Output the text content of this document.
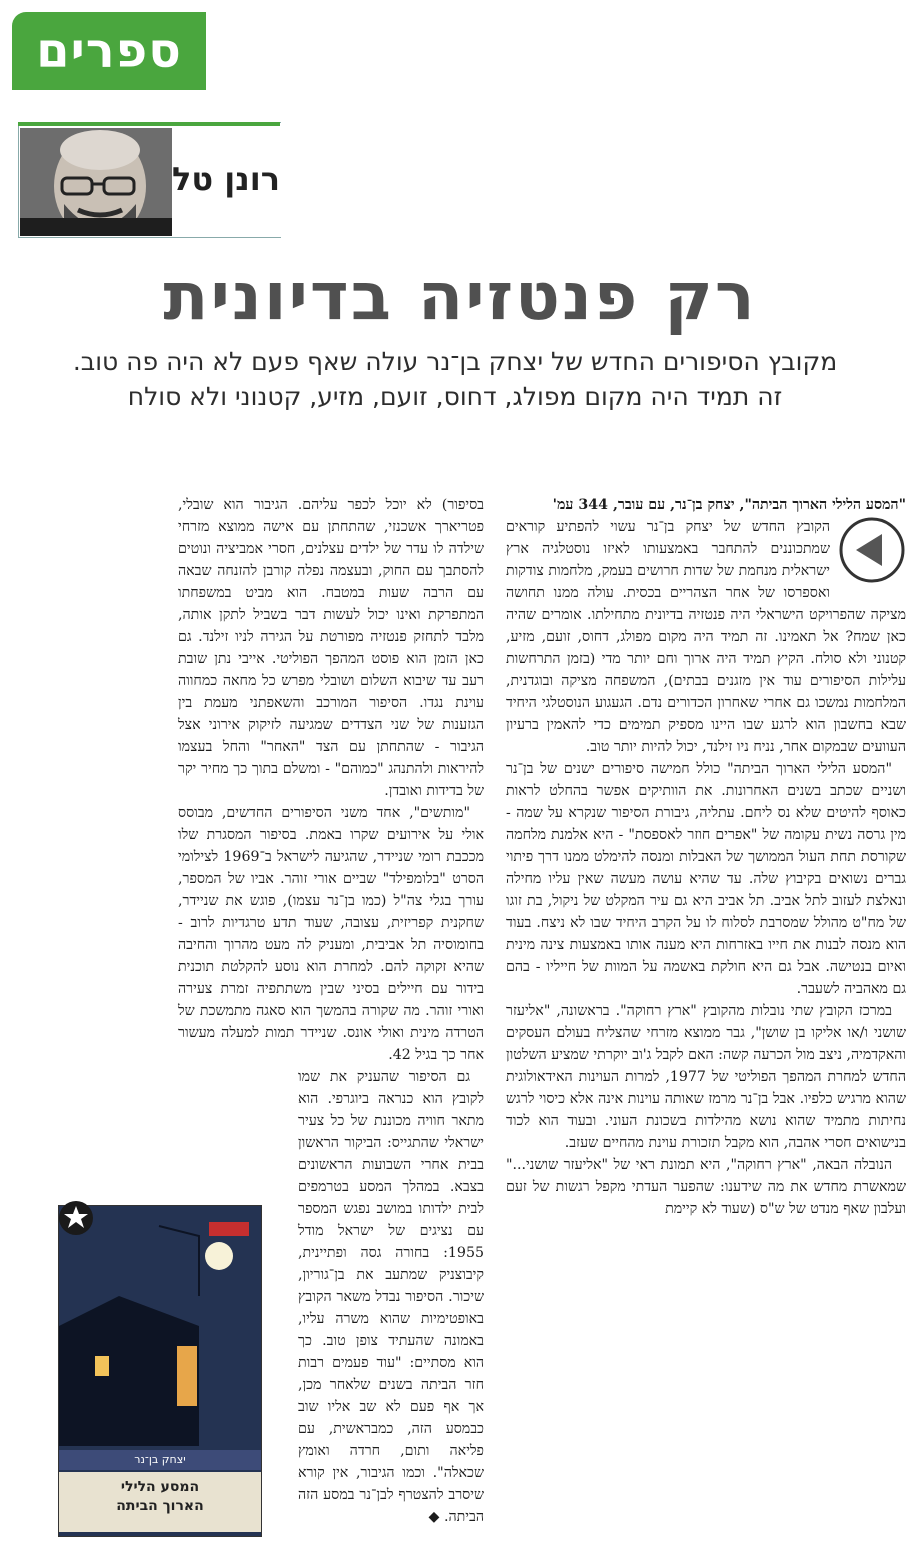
ספרים
רונן טל
רק פנטזיה בדיונית
מקובץ הסיפורים החדש של יצחק בן־נר עולה שאף פעם לא היה פה טוב.
זה תמיד היה מקום מפולג, דחוס, זועם, מזיע, קטנוני ולא סולח

"המסע הלילי הארוך הביתה", יצחק בן־נר, עם עובר, 344 עמ'

הקובץ החדש של יצחק בן־נר עשוי להפתיע קוראים שמתכוננים להתחבר באמצעותו לאיזו נוסטלגיה ארץ ישראלית מנחמת של שדות חרושים בעמק, מלחמות צודקות ואספרסו של אחר הצהריים בכסית. עולה ממנו תחושה מציקה שהפרויקט הישראלי היה פנטזיה בדיונית מתחילתו. אומרים שהיה כאן שמח? אל תאמינו. זה תמיד היה מקום מפולג, דחוס, זועם, מזיע, קטנוני ולא סולח. הקיץ תמיד היה ארוך וחם יותר מדי (בזמן התרחשות עלילות הסיפורים עוד אין מזגנים בבתים), המשפחה מציקה ובוגדנית, המלחמות נמשכו גם אחרי שאחרון הכדורים נדם. הגעגוע הנוסטלגי היחיד שבא בחשבון הוא לרגע שבו היינו מספיק תמימים כדי להאמין ברעיון העוועים שבמקום אחר, נניח ניו זילנד, יכול להיות יותר טוב.

"המסע הלילי הארוך הביתה" כולל חמישה סיפורים ישנים של בן־נר ושניים שכתב בשנים האחרונות. את הוותיקים אפשר בהחלט לראות כאוסף להיטים שלא נס ליחם. עתליה, גיבורת הסיפור שנקרא על שמה - מין גרסה נשית עקומה של "אפרים חוזר לאספסת" - היא אלמנת מלחמה שקורסת תחת העול הממושך של האבלות ומנסה להימלט ממנו דרך פיתוי גברים נשואים בקיבוץ שלה. עד שהיא עושה מעשה שאין עליו מחילה ונאלצת לעזוב לתל אביב. תל אביב היא גם עיר המקלט של ניקול, בת זוגו של מח"ט מהולל שמסרבת לסלוח לו על הקרב היחיד שבו לא ניצח. בעוד הוא מנסה לבנות את חייו באזרחות היא מענה אותו באמצעות צינה מינית ואיום בנטישה. אבל גם היא חולקת באשמה על המוות של חייליו - בהם גם מאהביה לשעבר.

במרכז הקובץ שתי נובלות מהקובץ "ארץ רחוקה". בראשונה, "אליעזר שושני ו/או אליקו בן שושן", גבר ממוצא מזרחי שהצליח בעולם העסקים והאקדמיה, ניצב מול הכרעה קשה: האם לקבל ג'וב יוקרתי שמציע השלטון החדש למחרת המהפך הפוליטי של 1977, למרות העוינות האידאולוגית שהוא מרגיש כלפיו. אבל בן־נר מרמז שאותה עוינות אינה אלא כיסוי לרגש נחיתות מתמיד שהוא נושא מהילדות בשכונת העוני. ובעוד הוא לכוד בנישואים חסרי אהבה, הוא מקבל תזכורת עוינת מהחיים שעזב.

הנובלה הבאה, "ארץ רחוקה", היא תמונת ראי של "אליעזר שושני..." שמאשרת מחדש את מה שידענו: שהפער העדתי מקפל רגשות של זעם ועלבון שאף מנדט של ש"ס (שעוד לא קיימת

בסיפור) לא יוכל לכפר עליהם. הגיבור הוא שובלי, פטריארך אשכנזי, שהתחתן עם אישה ממוצא מזרחי שילדה לו עדר של ילדים עצלנים, חסרי אמביציה ונוטים להסתבך עם החוק, ובעצמה נפלה קורבן להזנחה שבאה עם הרבה שעות במטבח. הוא מביט במשפחתו המתפרקת ואינו יכול לעשות דבר בשביל לתקן אותה, מלבד לתחזק פנטזיה מפורטת על הגירה לניו זילנד. גם כאן הזמן הוא פוסט המהפך הפוליטי. אייבי נתן שובת רעב עד שיבוא השלום ושובלי מפרש כל מחאה כמחווה עוינת נגדו. הסיפור המורכב והשאפתני מעמת בין הגזענות של שני הצדדים שמגיעה לזיקוק אירוני אצל הגיבור - שהתחתן עם הצד "האחר" והחל בעצמו להיראות ולהתנהג "כמוהם" - ומשלם בתוך כך מחיר יקר של בדידות ואובדן.

"מותשים", אחד משני הסיפורים החדשים, מבוסס אולי על אירועים שקרו באמת. בסיפור המסגרת שלו מככבת רומי שניידר, שהגיעה לישראל ב־1969 לצילומי הסרט "בלומפילד" שביים אורי זוהר. אביו של המספר, עורך בגלי צה"ל (כמו בן־נר עצמו), פוגש את שניידר, שחקנית קפריזית, עצובה, שעוד תדע טרגדיות לרוב - בחומוסיה תל אביבית, ומעניק לה מעט מהרוך והחיבה שהיא זקוקה להם. למחרת הוא נוסע להקלטת תוכנית בידור עם חיילים בסיני שבין משתתפיה זמרת צעירה ואורי זוהר. מה שקורה בהמשך הוא סאגה מתמשכת של הטרדה מינית ואולי אונס. שניידר תמות למעלה מעשור אחר כך בגיל 42.

גם הסיפור שהעניק את שמו לקובץ הוא כנראה ביוגרפי. הוא מתאר חוויה מכוננת של כל צעיר ישראלי שהתגייס: הביקור הראשון בבית אחרי השבועות הראשונים בצבא. במהלך המסע בטרמפים לבית ילדותו במושב נפגש המספר עם נציגים של ישראל מודל 1955: בחורה גסה ופתיינית, קיבוצניק שמתעב את בן־גוריון, שיכור. הסיפור נבדל משאר הקובץ באופטימיות שהוא משרה עליו, באמונה שהעתיד צופן טוב. כך הוא מסתיים: "עוד פעמים רבות חזר הביתה בשנים שלאחר מכן, אך אף פעם לא שב אליו שוב כבמסע הזה, כמבראשית, עם פליאה ותום, חרדה ואומץ שכאלה". וכמו הגיבור, אין קורא שיסרב להצטרף לבן־נר במסע הזה הביתה. ◆

יצחק בן־נר
המסע הלילי
הארוך הביתה
